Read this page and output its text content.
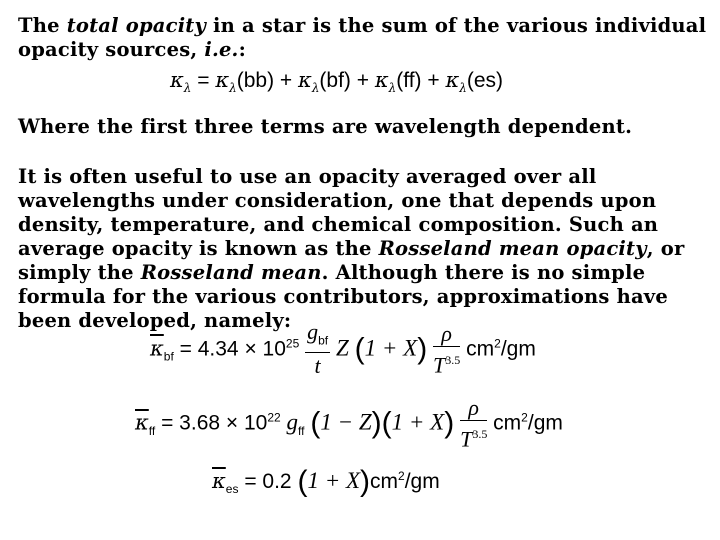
The total opacity in a star is the sum of the various individual opacity sources, i.e.:
$\kappa_\lambda = \kappa_\lambda(bb) + \kappa_\lambda(bf) + \kappa_\lambda(ff) + \kappa_\lambda(es)$
Where the first three terms are wavelength dependent.
It is often useful to use an opacity averaged over all wavelengths under consideration, one that depends upon density, temperature, and chemical composition. Such an average opacity is known as the Rosseland mean opacity, or simply the Rosseland mean. Although there is no simple formula for the various contributors, approximations have been developed, namely:
$\overline{\kappa}_{bf} = 4.34 \times 10^{25} \frac{g_{bf}}{t}$ Z $(1 + X) \frac{\rho}{T^{3.5}} cm^2/gm$
$\overline{\kappa}_{ff} = 3.68 \times 10^{22}$ $g_{ff}$ $(1 - Z)(1 + X) \frac{\rho}{T^{3.5}} cm^2/gm$
$\overline{\kappa}_{es} = 0.2$ $(1 + X)cm^2/gm$
